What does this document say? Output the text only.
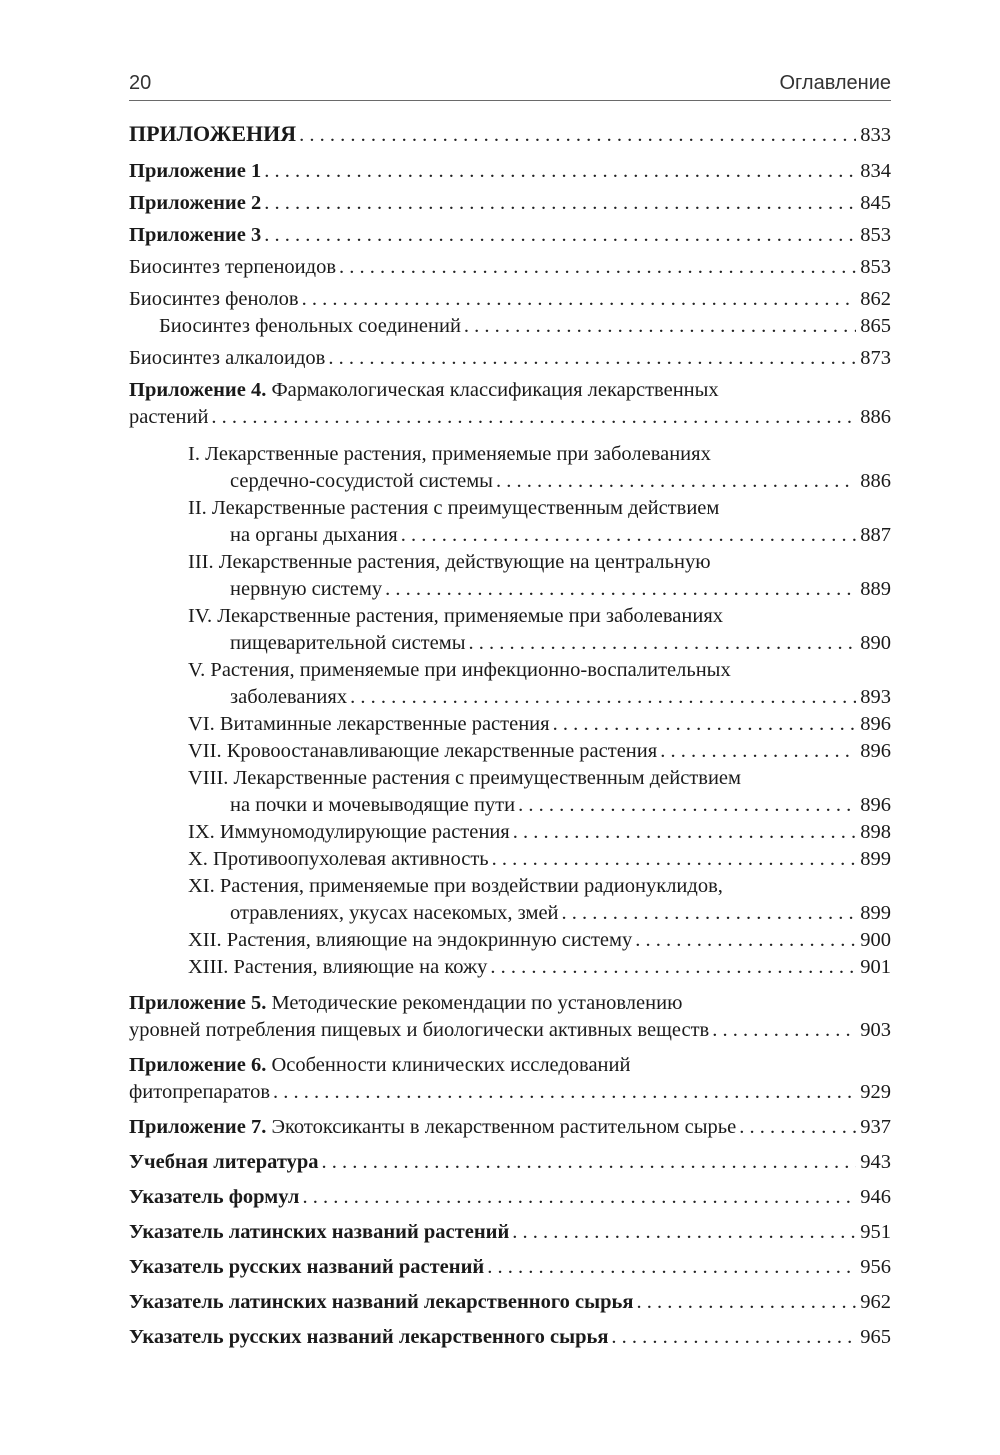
20	Оглавление
ПРИЛОЖЕНИЯ . . .	833
Приложение 1 . . .	834
Приложение 2 . . .	845
Приложение 3 . . .	853
Биосинтез терпеноидов . . .	853
Биосинтез фенолов . . .	862
Биосинтез фенольных соединений . . .	865
Биосинтез алкалоидов . . .	873
Приложение 4. Фармакологическая классификация лекарственных
растений . . .	886
I. Лекарственные растения, применяемые при заболеваниях
сердечно-сосудистой системы . . .	886
II. Лекарственные растения с преимущественным действием
на органы дыхания . . .	887
III. Лекарственные растения, действующие на центральную
нервную систему . . .	889
IV. Лекарственные растения, применяемые при заболеваниях
пищеварительной системы . . .	890
V. Растения, применяемые при инфекционно-воспалительных
заболеваниях . . .	893
VI. Витаминные лекарственные растения . . .	896
VII. Кровоостанавливающие лекарственные растения . . .	896
VIII. Лекарственные растения с преимущественным действием
на почки и мочевыводящие пути . . .	896
IX. Иммуномодулирующие растения . . .	898
X. Противоопухолевая активность . . .	899
XI. Растения, применяемые при воздействии радионуклидов,
отравлениях, укусах насекомых, змей . . .	899
XII. Растения, влияющие на эндокринную систему . . .	900
XIII. Растения, влияющие на кожу . . .	901
Приложение 5. Методические рекомендации по установлению
уровней потребления пищевых и биологически активных веществ . . .	903
Приложение 6. Особенности клинических исследований
фитопрепаратов . . .	929
Приложение 7. Экотоксиканты в лекарственном растительном сырье . . .	937
Учебная литература . . .	943
Указатель формул . . .	946
Указатель латинских названий растений . . .	951
Указатель русских названий растений . . .	956
Указатель латинских названий лекарственного сырья . . .	962
Указатель русских названий лекарственного сырья . . .	965
